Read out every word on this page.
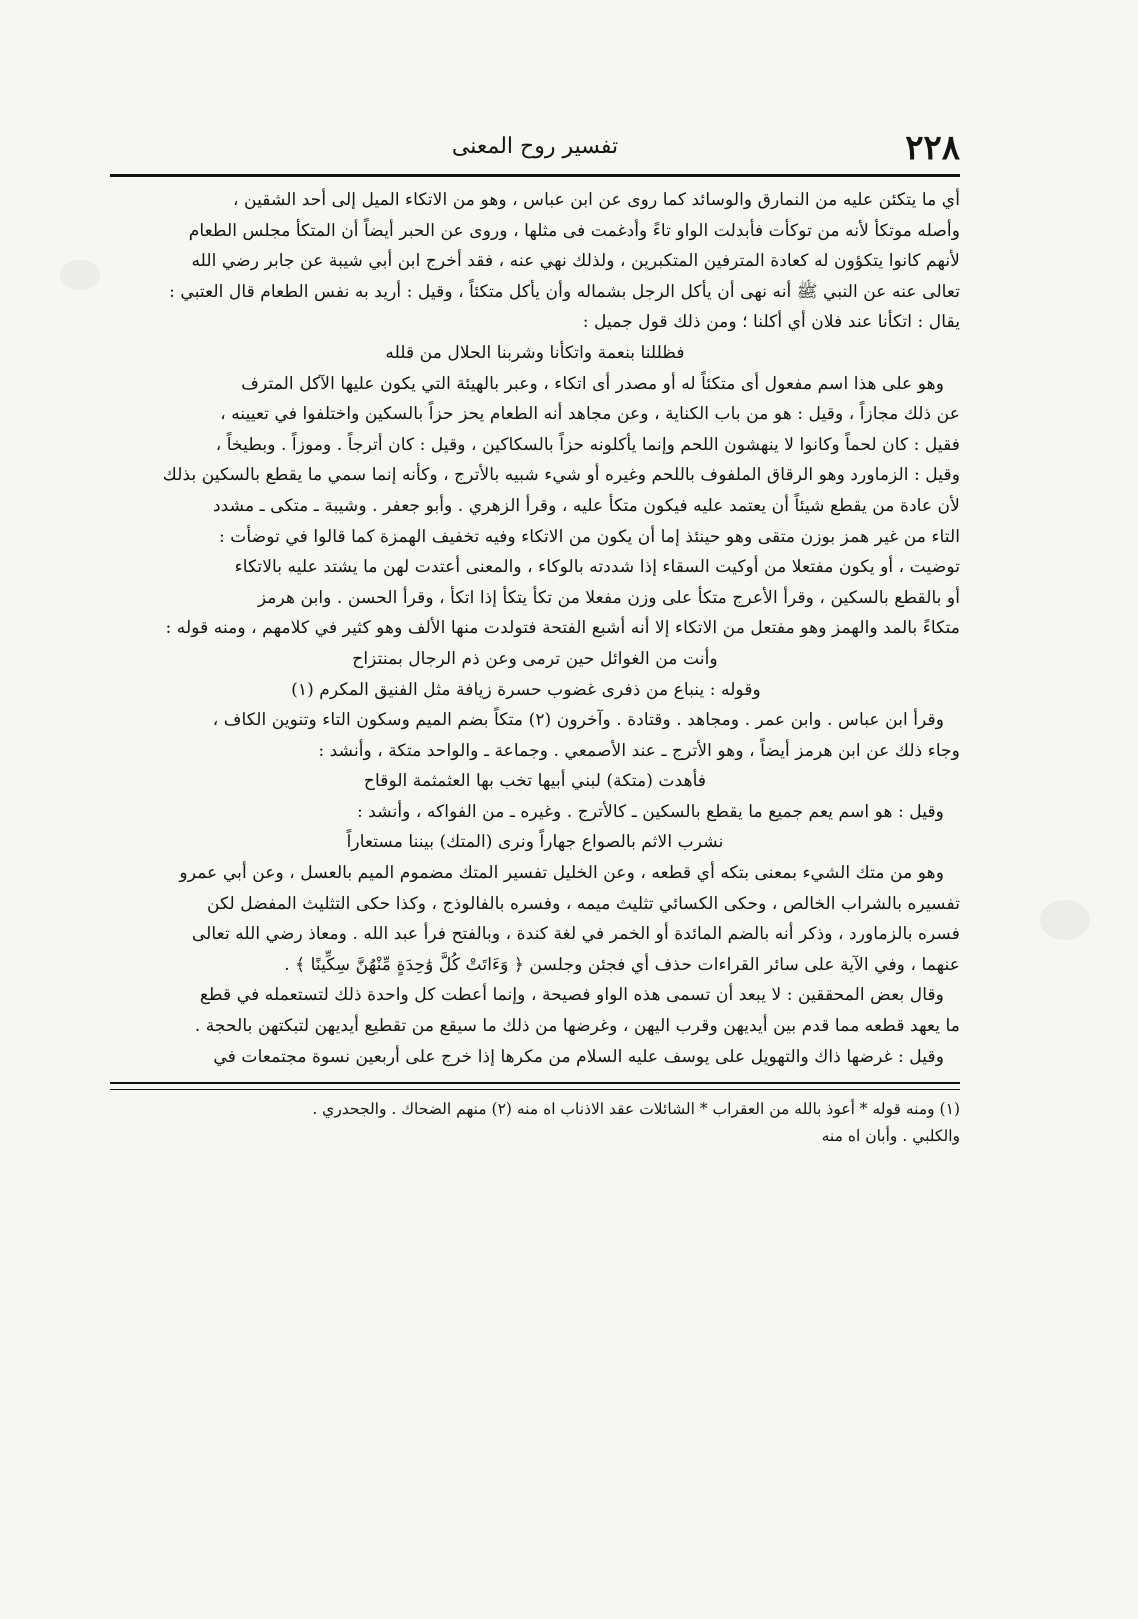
٢٢٨
تفسير روح المعنى
أي ما يتكئن عليه من النمارق والوسائد كما روى عن ابن عباس ، وهو من الاتكاء الميل إلى أحد الشقين ،
وأصله موتكأ لأنه من توكأت فأبدلت الواو تاءً وأدغمت فى مثلها ، وروى عن الحبر أيضاً أن المتكأ مجلس الطعام
لأنهم كانوا يتكؤون له كعادة المترفين المتكبرين ، ولذلك نهي عنه ، فقد أخرج ابن أبي شيبة عن جابر رضي الله
تعالى عنه عن النبي ﷺ أنه نهى أن يأكل الرجل بشماله وأن يأكل متكئاً ، وقيل : أريد به نفس الطعام قال العتبي :
يقال : اتكأنا عند فلان أي أكلنا ؛ ومن ذلك قول جميل :
فظللنا بنعمة واتكأنا وشربنا الحلال من قلله
وهو على هذا اسم مفعول أى متكئاً له أو مصدر أى اتكاء ، وعبر بالهيئة التي يكون عليها الآكل المترف
عن ذلك مجازاً ، وقيل : هو من باب الكناية ، وعن مجاهد أنه الطعام يحز حزاً بالسكين واختلفوا في تعيينه ،
فقيل : كان لحماً وكانوا لا ينهشون اللحم وإنما يأكلونه حزاً بالسكاكين ، وقيل : كان أترجاً . وموزاً . وبطيخاً ،
وقيل : الزماورد وهو الرقاق الملفوف باللحم وغيره أو شيء شبيه بالأترج ، وكأنه إنما سمي ما يقطع بالسكين بذلك
لأن عادة من يقطع شيئاً أن يعتمد عليه فيكون متكأ عليه ، وقرأ الزهري . وأبو جعفر . وشيبة ـ متكى ـ مشدد
التاء من غير همز بوزن متقى وهو حينئذ إما أن يكون من الاتكاء وفيه تخفيف الهمزة كما قالوا في توضأت :
توضيت ، أو يكون مفتعلا من أوكيت السقاء إذا شددته بالوكاء ، والمعنى أعتدت لهن ما يشتد عليه بالاتكاء
أو بالقطع بالسكين ، وقرأ الأعرج متكأ على وزن مفعلا من تكأ يتكأ إذا اتكأ ، وقرأ الحسن . وابن هرمز
متكاءً بالمد والهمز وهو مفتعل من الاتكاء إلا أنه أشبع الفتحة فتولدت منها الألف وهو كثير في كلامهم ، ومنه قوله :
وأنت من الغوائل حين ترمى وعن ذم الرجال بمنتزاح
وقوله : ينباع من ذفرى غضوب حسرة زيافة مثل الفنيق المكرم (١)
وقرأ ابن عباس . وابن عمر . ومجاهد . وقتادة . وآخرون (٢) متكاً بضم الميم وسكون التاء وتنوين الكاف ،
وجاء ذلك عن ابن هرمز أيضاً ، وهو الأترج ـ عند الأصمعي . وجماعة ـ والواحد متكة ، وأنشد :
فأهدت (متكة) لبني أبيها تخب بها العثمثمة الوقاح
وقيل : هو اسم يعم جميع ما يقطع بالسكين ـ كالأترج . وغيره ـ من الفواكه ، وأنشد :
نشرب الاثم بالصواع جهاراً ونرى (المتك) بيننا مستعاراً
وهو من متك الشيء بمعنى بتكه أي قطعه ، وعن الخليل تفسير المتك مضموم الميم بالعسل ، وعن أبي عمرو
تفسيره بالشراب الخالص ، وحكى الكسائي تثليث ميمه ، وفسره بالفالوذج ، وكذا حكى التثليث المفضل لكن
فسره بالزماورد ، وذكر أنه بالضم المائدة أو الخمر في لغة كندة ، وبالفتح فرأ عبد الله . ومعاذ رضي الله تعالى
عنهما ، وفي الآية على سائر القراءات حذف أي فجئن وجلسن ﴿ وَءَاتَتْ كُلَّ وَٰحِدَةٍ مِّنْهُنَّ سِكِّينًا ﴾ .
وقال بعض المحققين : لا يبعد أن تسمى هذه الواو فصيحة ، وإنما أعطت كل واحدة ذلك لتستعمله في قطع
ما يعهد قطعه مما قدم بين أيديهن وقرب اليهن ، وغرضها من ذلك ما سيقع من تقطيع أيديهن لتبكتهن بالحجة .
وقيل : غرضها ذاك والتهويل على يوسف عليه السلام من مكرها إذا خرج على أربعين نسوة مجتمعات في
(١) ومنه قوله * أعوذ بالله من العقراب * الشائلات عقد الاذناب اه منه (٢) منهم الضحاك . والجحدري .
والكلبي . وأبان اه منه
